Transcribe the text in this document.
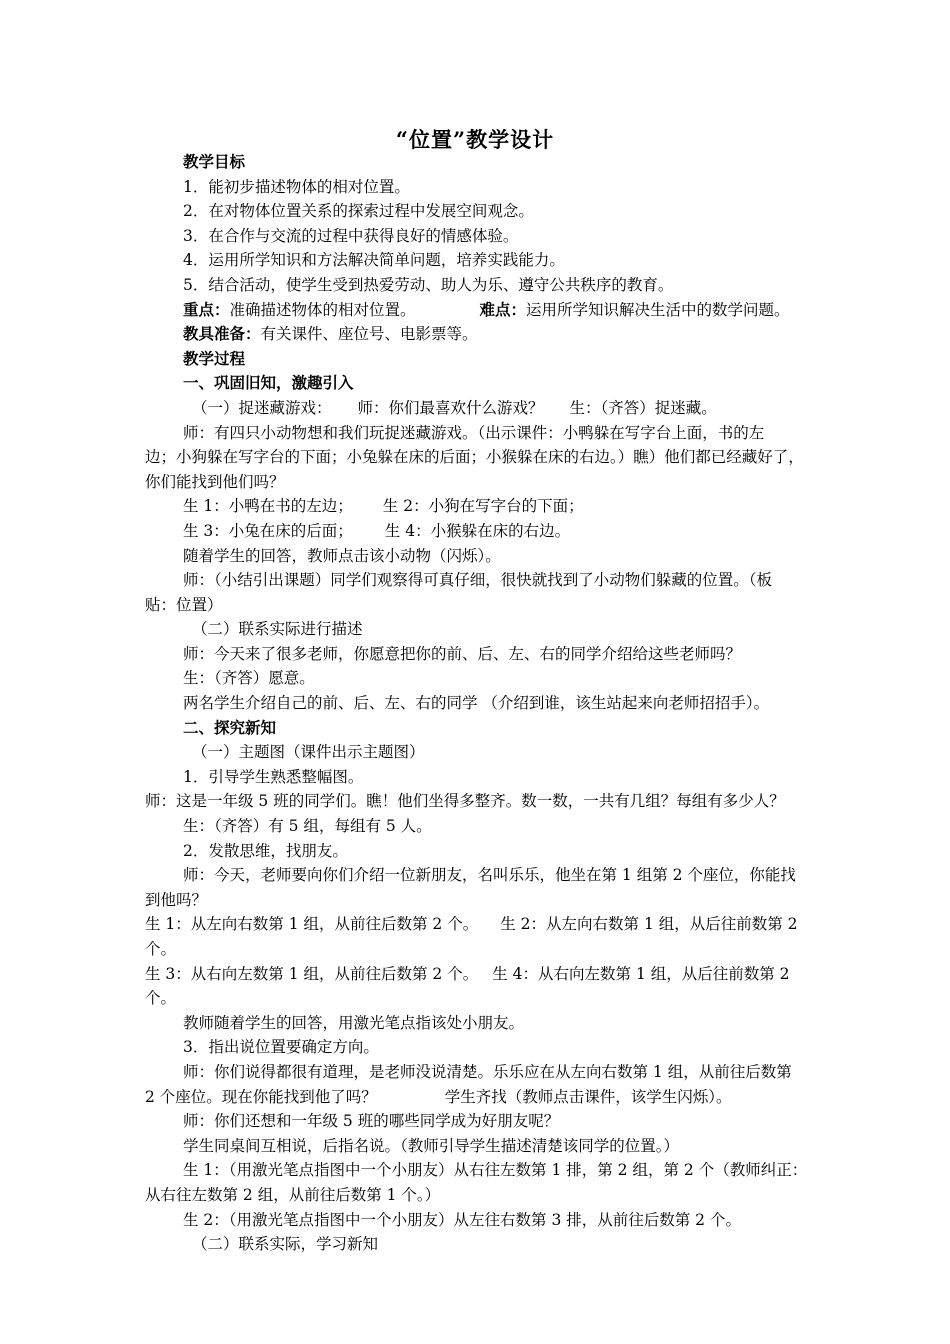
“位置”教学设计

教学目标

1．能初步描述物体的相对位置。

2．在对物体位置关系的探索过程中发展空间观念。

3．在合作与交流的过程中获得良好的情感体验。

4．运用所学知识和方法解决简单问题，培养实践能力。

5．结合活动，使学生受到热爱劳动、助人为乐、遵守公共秩序的教育。

重点：准确描述物体的相对位置。	难点：运用所学知识解决生活中的数学问题。

教具准备：有关课件、座位号、电影票等。

教学过程

一、巩固旧知，激趣引入

（一）捉迷藏游戏： 师：你们最喜欢什么游戏？ 生：（齐答）捉迷藏。

师：有四只小动物想和我们玩捉迷藏游戏。（出示课件：小鸭躲在写字台上面，书的左

边；小狗躲在写字台的下面；小兔躲在床的后面；小猴躲在床的右边。）瞧）他们都已经藏好了，

你们能找到他们吗？

生 1：小鸭在书的左边； 生 2：小狗在写字台的下面；

生 3：小兔在床的后面； 生 4：小猴躲在床的右边。

随着学生的回答，教师点击该小动物（闪烁）。

师：（小结引出课题）同学们观察得可真仔细，很快就找到了小动物们躲藏的位置。（板

贴：位置）

（二）联系实际进行描述

师：今天来了很多老师，你愿意把你的前、后、左、右的同学介绍给这些老师吗？

生：（齐答）愿意。

两名学生介绍自己的前、后、左、右的同学 （介绍到谁，该生站起来向老师招招手）。

二、探究新知

（一）主题图（课件出示主题图）

1．引导学生熟悉整幅图。

师：这是一年级 5 班的同学们。瞧！他们坐得多整齐。数一数，一共有几组？每组有多少人？

生：（齐答）有 5 组，每组有 5 人。

2．发散思维，找朋友。

师：今天，老师要向你们介绍一位新朋友，名叫乐乐，他坐在第 1 组第 2 个座位，你能找

到他吗？

生 1：从左向右数第 1 组，从前往后数第 2 个。 生 2：从左向右数第 1 组，从后往前数第 2 个。

生 3：从右向左数第 1 组，从前往后数第 2 个。 生 4：从右向左数第 1 组，从后往前数第 2 个。

教师随着学生的回答，用激光笔点指该处小朋友。

3．指出说位置要确定方向。

师：你们说得都很有道理，是老师没说清楚。乐乐应在从左向右数第 1 组，从前往后数第

2 个座位。现在你能找到他了吗？	学生齐找（教师点击课件，该学生闪烁）。

师：你们还想和一年级 5 班的哪些同学成为好朋友呢？

学生同桌间互相说，后指名说。（教师引导学生描述清楚该同学的位置。）

生 1：（用激光笔点指图中一个小朋友）从右往左数第 1 排，第 2 组，第 2 个（教师纠正：

从右往左数第 2 组，从前往后数第 1 个。）

生 2：（用激光笔点指图中一个小朋友）从左往右数第 3 排，从前往后数第 2 个。

（二）联系实际，学习新知
